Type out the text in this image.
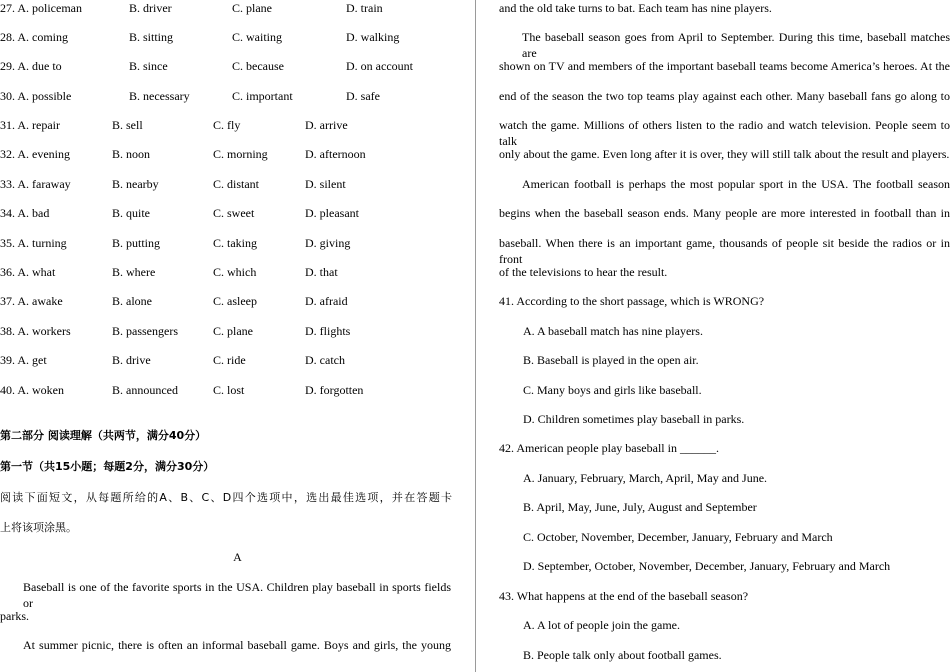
27. A. policeman	B. driver	C. plane	D. train
28. A. coming	B. sitting	C. waiting	D. walking
29. A. due to	B. since	C. because	D. on account
30. A. possible	B. necessary	C. important	D. safe
31. A. repair	B. sell	C. fly	D. arrive
32. A. evening	B. noon	C. morning	D. afternoon
33. A. faraway	B. nearby	C. distant	D. silent
34. A. bad	B. quite	C. sweet	D. pleasant
35. A. turning	B. putting	C. taking	D. giving
36. A. what	B. where	C. which	D. that
37. A. awake	B. alone	C. asleep	D. afraid
38. A. workers	B. passengers	C. plane	D. flights
39. A. get	B. drive	C. ride	D. catch
40. A. woken	B. announced	C. lost	D. forgotten
第二部分 阅读理解（共两节，满分40分）
第一节（共15小题；每题2分，满分30分）
阅读下面短文，从每题所给的A、B、C、D四个选项中，选出最佳选项，并在答题卡
上将该项涂黑。
A
Baseball is one of the favorite sports in the USA. Children play baseball in sports fields or
parks.
At summer picnic, there is often an informal baseball game. Boys and girls, the young
and the old take turns to bat. Each team has nine players.
The baseball season goes from April to September. During this time, baseball matches are
shown on TV and members of the important baseball teams become America’s heroes. At the
end of the season the two top teams play against each other. Many baseball fans go along to
watch the game. Millions of others listen to the radio and watch television. People seem to talk
only about the game. Even long after it is over, they will still talk about the result and players.
American football is perhaps the most popular sport in the USA. The football season
begins when the baseball season ends. Many people are more interested in football than in
baseball. When there is an important game, thousands of people sit beside the radios or in front
of the televisions to hear the result.
41. According to the short passage, which is WRONG?
A. A baseball match has nine players.
B. Baseball is played in the open air.
C. Many boys and girls like baseball.
D. Children sometimes play baseball in parks.
42. American people play baseball in ______.
A. January, February, March, April, May and June.
B. April, May, June, July, August and September
C. October, November, December, January, February and March
D. September, October, November, December, January, February and March
43. What happens at the end of the baseball season?
A. A lot of people join the game.
B. People talk only about football games.
